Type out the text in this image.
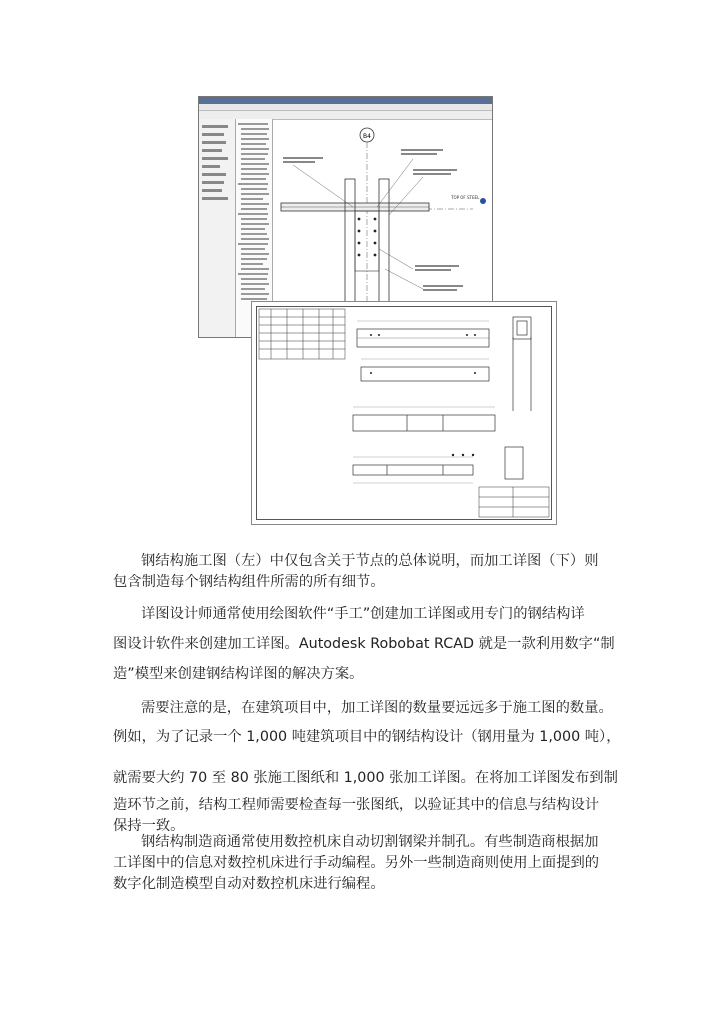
B4
TOP OF STEEL
钢结构施工图（左）中仅包含关于节点的总体说明，而加工详图（下）则
包含制造每个钢结构组件所需的所有细节。
详图设计师通常使用绘图软件“手工”创建加工详图或用专门的钢结构详
图设计软件来创建加工详图。Autodesk Robobat RCAD 就是一款利用数字“制
造”模型来创建钢结构详图的解决方案。
需要注意的是，在建筑项目中，加工详图的数量要远远多于施工图的数量。
例如，为了记录一个 1,000 吨建筑项目中的钢结构设计（钢用量为 1,000 吨），
就需要大约 70 至 80 张施工图纸和 1,000 张加工详图。在将加工详图发布到制
造环节之前，结构工程师需要检查每一张图纸，以验证其中的信息与结构设计
保持一致。
钢结构制造商通常使用数控机床自动切割钢梁并制孔。有些制造商根据加
工详图中的信息对数控机床进行手动编程。另外一些制造商则使用上面提到的
数字化制造模型自动对数控机床进行编程。
